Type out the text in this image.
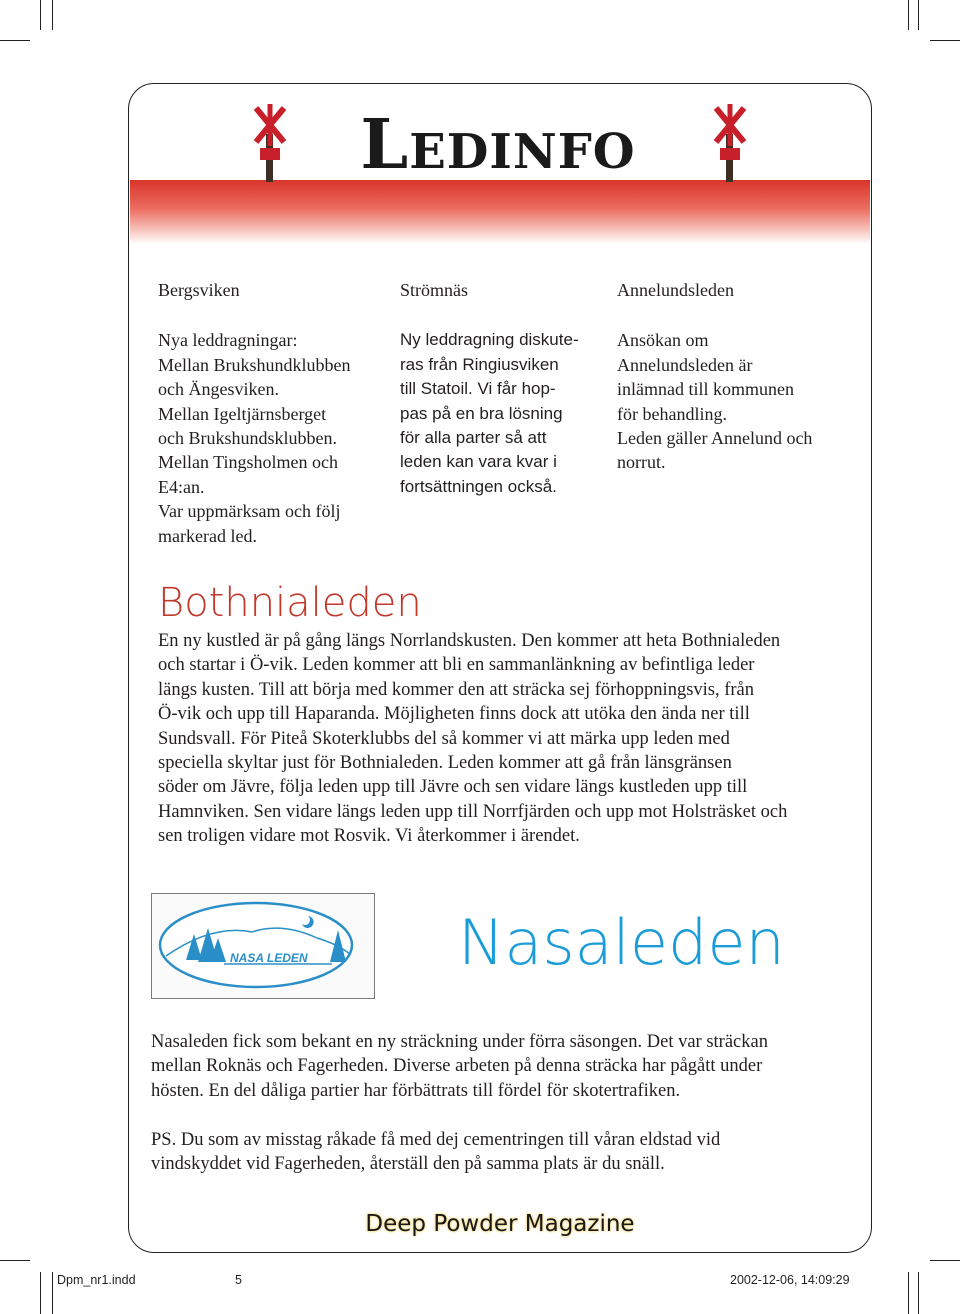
Ledinfo
Bergsviken
Nya leddragningar:
Mellan Brukshundklubben
och Ängesviken.
Mellan Igeltjärnsberget
och Brukshundsklubben.
Mellan Tingsholmen och
E4:an.
Var uppmärksam och följ
markerad led.
Strömnäs
Ny leddragning diskute-
ras från Ringiusviken
till Statoil. Vi får hop-
pas på en bra lösning
för alla parter så att
leden kan vara kvar i
fortsättningen också.
Annelundsleden
Ansökan om
Annelundsleden är
inlämnad till kommunen
för behandling.
Leden gäller Annelund och
norrut.
Bothnialeden
En ny kustled är på gång längs Norrlandskusten. Den kommer att heta Bothnialeden
och startar i Ö-vik. Leden kommer att bli en sammanlänkning av befintliga leder
längs kusten. Till att börja med kommer den att sträcka sej förhoppningsvis, från
Ö-vik och upp till Haparanda. Möjligheten finns dock att utöka den ända ner till
Sundsvall. För Piteå Skoterklubbs del så kommer vi att märka upp leden med
speciella skyltar just för Bothnialeden. Leden kommer att gå från länsgränsen
söder om Jävre, följa leden upp till Jävre och sen vidare längs kustleden upp till
Hamnviken. Sen vidare längs leden upp till Norrfjärden och upp mot Holsträsket och
sen troligen vidare mot Rosvik. Vi återkommer i ärendet.
NASA LEDEN Nasaleden
Nasaleden fick som bekant en ny sträckning under förra säsongen. Det var sträckan
mellan Roknäs och Fagerheden. Diverse arbeten på denna sträcka har pågått under
hösten. En del dåliga partier har förbättrats till fördel för skotertrafiken.
PS. Du som av misstag råkade få med dej cementringen till våran eldstad vid
vindskyddet vid Fagerheden, återställ den på samma plats är du snäll.
Deep Powder Magazine
Dpm_nr1.indd	5	2002-12-06, 14:09:29
